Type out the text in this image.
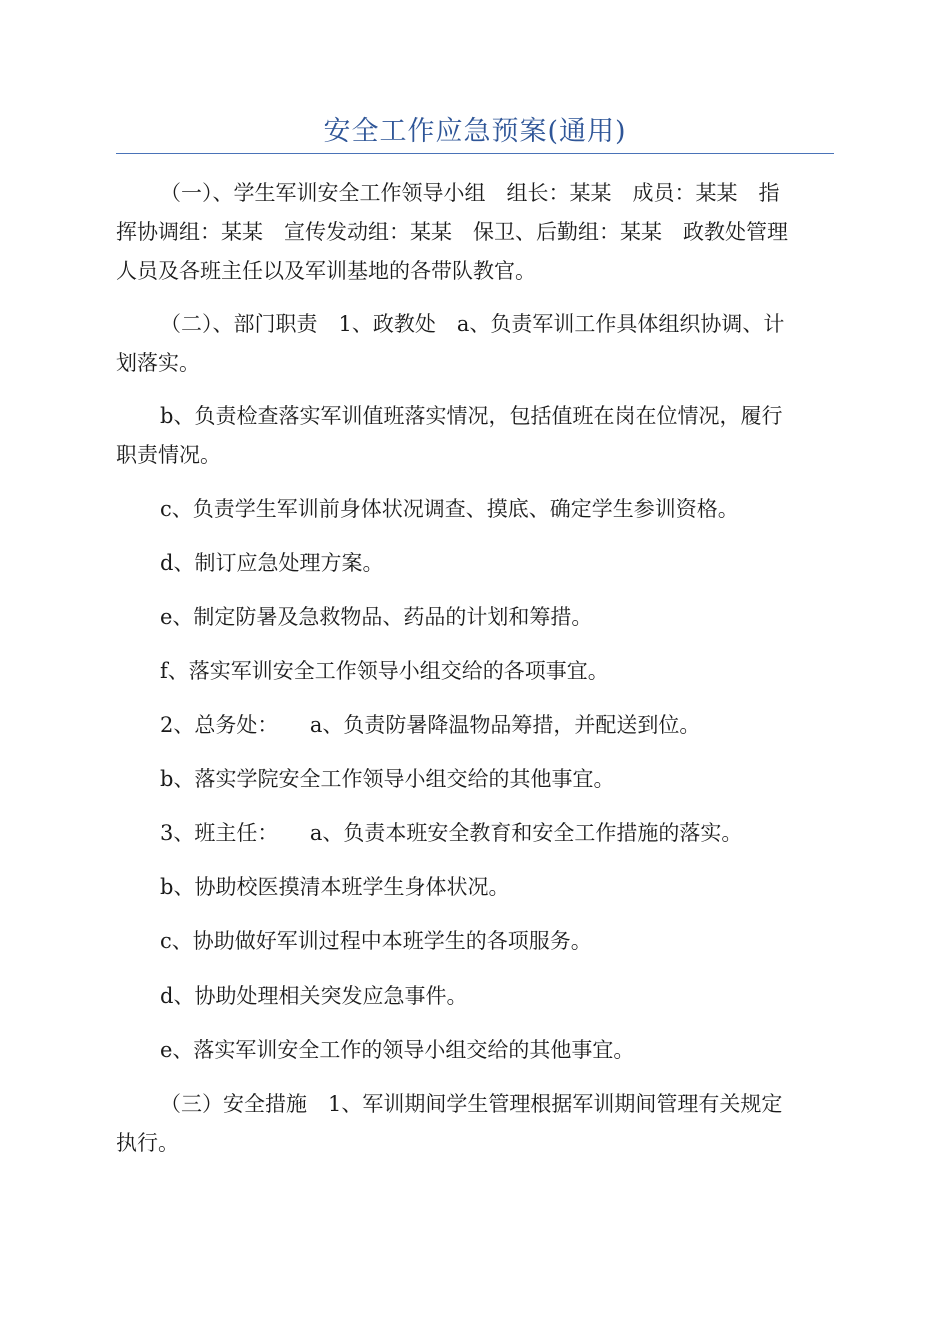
安全工作应急预案(通用)

（一）、学生军训安全工作领导小组　组长：某某　成员：某某　指
挥协调组：某某　宣传发动组：某某　保卫、后勤组：某某　政教处管理
人员及各班主任以及军训基地的各带队教官。

（二）、部门职责　1、政教处　a、负责军训工作具体组织协调、计
划落实。

b、负责检查落实军训值班落实情况，包括值班在岗在位情况，履行
职责情况。

c、负责学生军训前身体状况调查、摸底、确定学生参训资格。

d、制订应急处理方案。

e、制定防暑及急救物品、药品的计划和筹措。

f、落实军训安全工作领导小组交给的各项事宜。

2、总务处：　　a、负责防暑降温物品筹措，并配送到位。

b、落实学院安全工作领导小组交给的其他事宜。

3、班主任：　　a、负责本班安全教育和安全工作措施的落实。

b、协助校医摸清本班学生身体状况。

c、协助做好军训过程中本班学生的各项服务。

d、协助处理相关突发应急事件。

e、落实军训安全工作的领导小组交给的其他事宜。

（三）安全措施　1、军训期间学生管理根据军训期间管理有关规定
执行。
